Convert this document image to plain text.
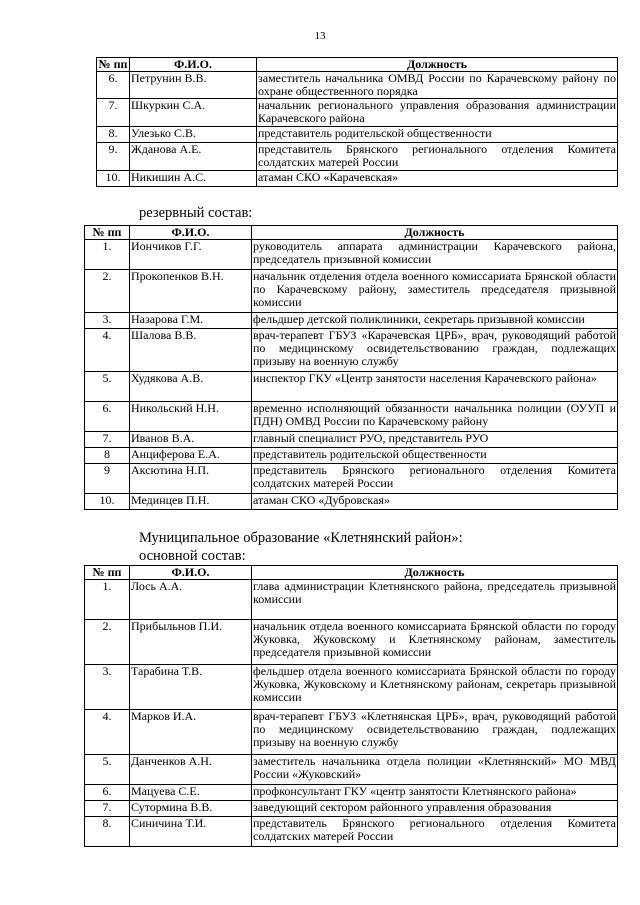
13
№ пп	Ф.И.О.	Должность
6.	Петрунин В.В.	заместитель начальника ОМВД России по Карачевскому району по охране общественного порядка
7.	Шкуркин С.А.	начальник регионального управления образования администрации Карачевского района
8.	Улезько С.В.	представитель родительской общественности
9.	Жданова А.Е.	представитель Брянского регионального отделения Комитета солдатских матерей России
10.	Никишин А.С.	атаман СКО «Карачевская»
резервный состав:
№ пп	Ф.И.О.	Должность
1.	Иончиков Г.Г.	руководитель аппарата администрации Карачевского района, председатель призывной комиссии
2.	Прокопенков В.Н.	начальник отделения отдела военного комиссариата Брянской области по Карачевскому району, заместитель председателя призывной комиссии
3.	Назарова Г.М.	фельдшер детской поликлиники, секретарь призывной комиссии
4.	Шалова В.В.	врач-терапевт ГБУЗ «Карачевская ЦРБ», врач, руководящий работой по медицинскому освидетельствованию граждан, подлежащих призыву на военную службу
5.	Худякова А.В.	инспектор ГКУ «Центр занятости населения Карачевского района»
6.	Никольский Н.Н.	временно исполняющий обязанности начальника полиции (ОУУП и ПДН) ОМВД России по Карачевскому району
7.	Иванов В.А.	главный специалист РУО, представитель РУО
8	Анциферова Е.А.	представитель родительской общественности
9	Аксютина Н.П.	представитель Брянского регионального отделения Комитета солдатских матерей России
10.	Мединцев П.Н.	атаман СКО «Дубровская»
Муниципальное образование «Клетнянский район»:
основной состав:
№ пп	Ф.И.О.	Должность
1.	Лось А.А.	глава администрации Клетнянского района, председатель призывной комиссии
2.	Прибыльнов П.И.	начальник отдела военного комиссариата Брянской области по городу Жуковка, Жуковскому и Клетнянскому районам, заместитель председателя призывной комиссии
3.	Тарабина Т.В.	фельдшер отдела военного комиссариата Брянской области по городу Жуковка, Жуковскому и Клетнянскому районам, секретарь призывной комиссии
4.	Марков И.А.	врач-терапевт ГБУЗ «Клетнянская ЦРБ», врач, руководящий работой по медицинскому освидетельствованию граждан, подлежащих призыву на военную службу
5.	Данченков А.Н.	заместитель начальника отдела полиции «Клетнянский» МО МВД России «Жуковский»
6.	Мацуева С.Е.	профконсультант ГКУ «центр занятости Клетнянского района»
7.	Сутормина В.В.	заведующий сектором районного управления образования
8.	Синичина Т.И.	представитель Брянского регионального отделения Комитета солдатских матерей России
